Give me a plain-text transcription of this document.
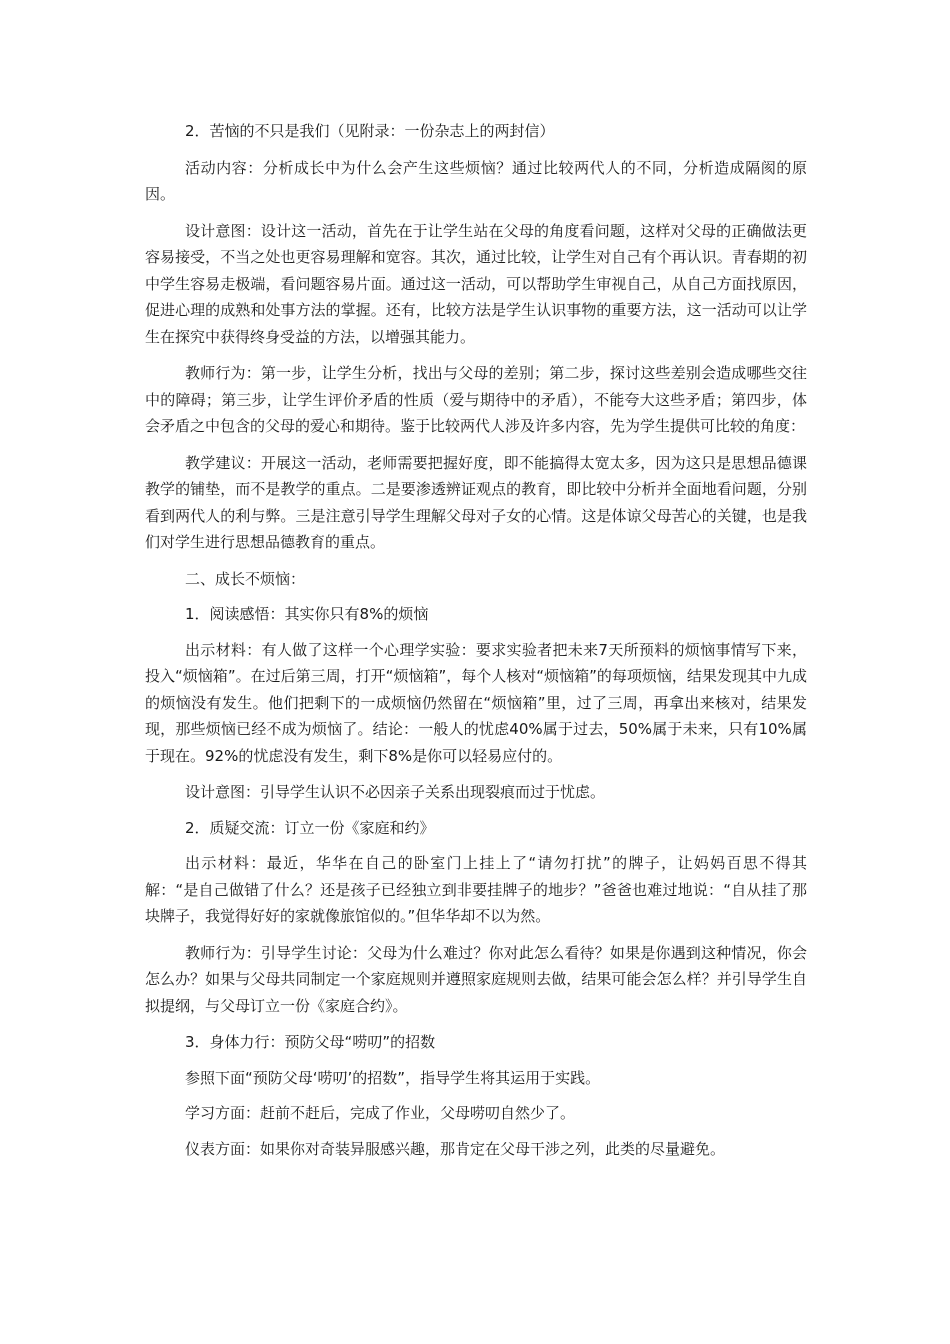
2．苦恼的不只是我们（见附录：一份杂志上的两封信）

活动内容：分析成长中为什么会产生这些烦恼？通过比较两代人的不同，分析造成隔阂的原因。

设计意图：设计这一活动，首先在于让学生站在父母的角度看问题，这样对父母的正确做法更容易接受，不当之处也更容易理解和宽容。其次，通过比较，让学生对自己有个再认识。青春期的初中学生容易走极端，看问题容易片面。通过这一活动，可以帮助学生审视自己，从自己方面找原因，促进心理的成熟和处事方法的掌握。还有，比较方法是学生认识事物的重要方法，这一活动可以让学生在探究中获得终身受益的方法，以增强其能力。

教师行为：第一步，让学生分析，找出与父母的差别；第二步，探讨这些差别会造成哪些交往中的障碍；第三步，让学生评价矛盾的性质（爱与期待中的矛盾），不能夸大这些矛盾；第四步，体会矛盾之中包含的父母的爱心和期待。鉴于比较两代人涉及许多内容，先为学生提供可比较的角度：

教学建议：开展这一活动，老师需要把握好度，即不能搞得太宽太多，因为这只是思想品德课教学的铺垫，而不是教学的重点。二是要渗透辨证观点的教育，即比较中分析并全面地看问题，分别看到两代人的利与弊。三是注意引导学生理解父母对子女的心情。这是体谅父母苦心的关键，也是我们对学生进行思想品德教育的重点。

二、成长不烦恼：

1．阅读感悟：其实你只有8%的烦恼

出示材料：有人做了这样一个心理学实验：要求实验者把未来7天所预料的烦恼事情写下来，投入“烦恼箱”。在过后第三周，打开“烦恼箱”，每个人核对“烦恼箱”的每项烦恼，结果发现其中九成的烦恼没有发生。他们把剩下的一成烦恼仍然留在“烦恼箱”里，过了三周，再拿出来核对，结果发现，那些烦恼已经不成为烦恼了。结论：一般人的忧虑40%属于过去，50%属于未来，只有10%属于现在。92%的忧虑没有发生，剩下8%是你可以轻易应付的。

设计意图：引导学生认识不必因亲子关系出现裂痕而过于忧虑。

2．质疑交流：订立一份《家庭和约》

出示材料：最近，华华在自己的卧室门上挂上了“请勿打扰”的牌子，让妈妈百思不得其解：“是自己做错了什么？还是孩子已经独立到非要挂牌子的地步？”爸爸也难过地说：“自从挂了那块牌子，我觉得好好的家就像旅馆似的。”但华华却不以为然。

教师行为：引导学生讨论：父母为什么难过？你对此怎么看待？如果是你遇到这种情况，你会怎么办？如果与父母共同制定一个家庭规则并遵照家庭规则去做，结果可能会怎么样？并引导学生自拟提纲，与父母订立一份《家庭合约》。

3．身体力行：预防父母“唠叨”的招数

参照下面“预防父母‘唠叨’的招数”，指导学生将其运用于实践。

学习方面：赶前不赶后，完成了作业，父母唠叨自然少了。

仪表方面：如果你对奇装异服感兴趣，那肯定在父母干涉之列，此类的尽量避免。
